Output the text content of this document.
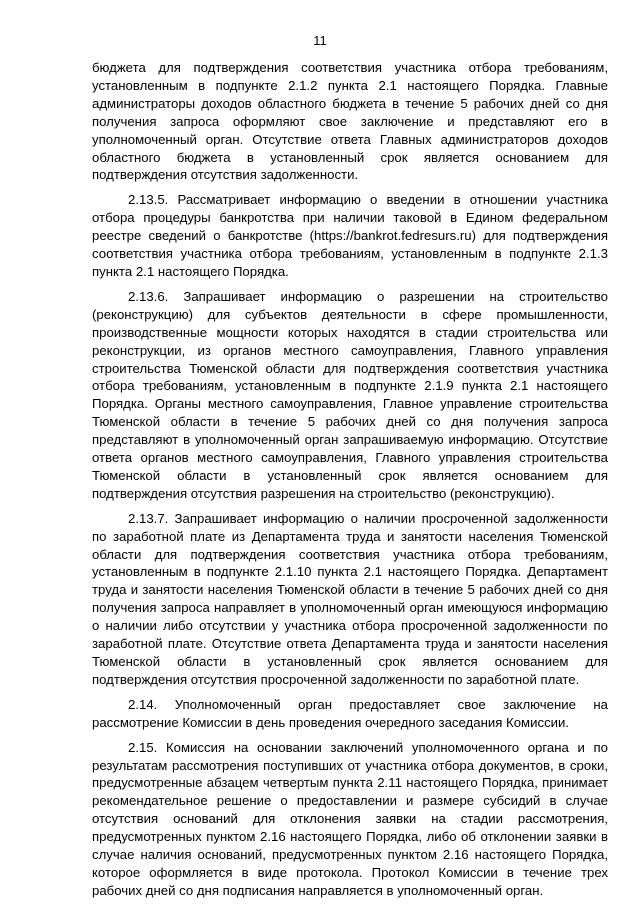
11

бюджета для подтверждения соответствия участника отбора требованиям, установленным в подпункте 2.1.2 пункта 2.1 настоящего Порядка. Главные администраторы доходов областного бюджета в течение 5 рабочих дней со дня получения запроса оформляют свое заключение и представляют его в уполномоченный орган. Отсутствие ответа Главных администраторов доходов областного бюджета в установленный срок является основанием для подтверждения отсутствия задолженности.

2.13.5. Рассматривает информацию о введении в отношении участника отбора процедуры банкротства при наличии таковой в Едином федеральном реестре сведений о банкротстве (https://bankrot.fedresurs.ru) для подтверждения соответствия участника отбора требованиям, установленным в подпункте 2.1.3 пункта 2.1 настоящего Порядка.

2.13.6. Запрашивает информацию о разрешении на строительство (реконструкцию) для субъектов деятельности в сфере промышленности, производственные мощности которых находятся в стадии строительства или реконструкции, из органов местного самоуправления, Главного управления строительства Тюменской области для подтверждения соответствия участника отбора требованиям, установленным в подпункте 2.1.9 пункта 2.1 настоящего Порядка. Органы местного самоуправления, Главное управление строительства Тюменской области в течение 5 рабочих дней со дня получения запроса представляют в уполномоченный орган запрашиваемую информацию. Отсутствие ответа органов местного самоуправления, Главного управления строительства Тюменской области в установленный срок является основанием для подтверждения отсутствия разрешения на строительство (реконструкцию).

2.13.7. Запрашивает информацию о наличии просроченной задолженности по заработной плате из Департамента труда и занятости населения Тюменской области для подтверждения соответствия участника отбора требованиям, установленным в подпункте 2.1.10 пункта 2.1 настоящего Порядка. Департамент труда и занятости населения Тюменской области в течение 5 рабочих дней со дня получения запроса направляет в уполномоченный орган имеющуюся информацию о наличии либо отсутствии у участника отбора просроченной задолженности по заработной плате. Отсутствие ответа Департамента труда и занятости населения Тюменской области в установленный срок является основанием для подтверждения отсутствия просроченной задолженности по заработной плате.

2.14. Уполномоченный орган предоставляет свое заключение на рассмотрение Комиссии в день проведения очередного заседания Комиссии.

2.15. Комиссия на основании заключений уполномоченного органа и по результатам рассмотрения поступивших от участника отбора документов, в сроки, предусмотренные абзацем четвертым пункта 2.11 настоящего Порядка, принимает рекомендательное решение о предоставлении и размере субсидий в случае отсутствия оснований для отклонения заявки на стадии рассмотрения, предусмотренных пунктом 2.16 настоящего Порядка, либо об отклонении заявки в случае наличия оснований, предусмотренных пунктом 2.16 настоящего Порядка, которое оформляется в виде протокола. Протокол Комиссии в течение трех рабочих дней со дня подписания направляется в уполномоченный орган.
